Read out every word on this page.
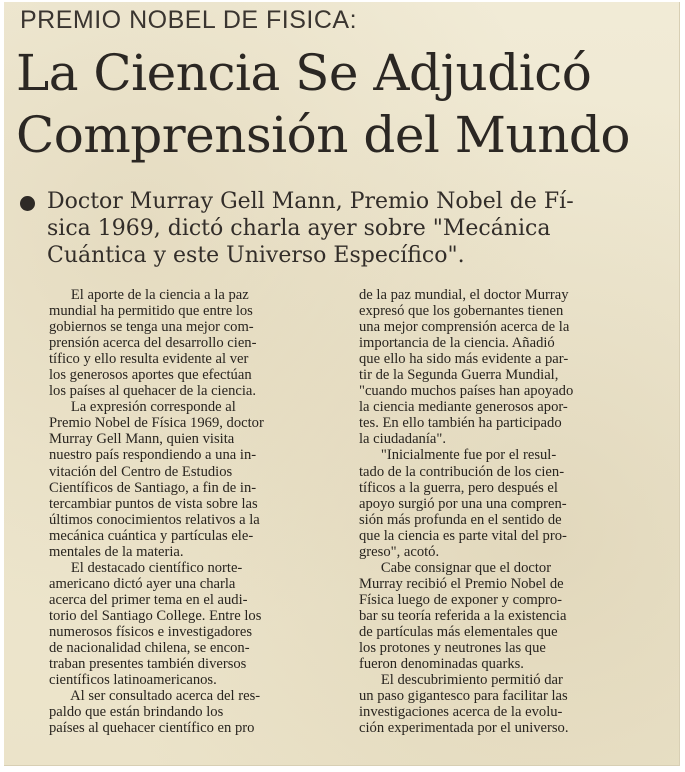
PREMIO NOBEL DE FISICA:
La Ciencia Se Adjudicó
Comprensión del Mundo
Doctor Murray Gell Mann, Premio Nobel de Fí-
sica 1969, dictó charla ayer sobre "Mecánica
Cuántica y este Universo Específico".
El aporte de la ciencia a la paz
mundial ha permitido que entre los
gobiernos se tenga una mejor com-
prensión acerca del desarrollo cien-
tífico y ello resulta evidente al ver
los generosos aportes que efectúan
los países al quehacer de la ciencia.
La expresión corresponde al
Premio Nobel de Física 1969, doctor
Murray Gell Mann, quien visita
nuestro país respondiendo a una in-
vitación del Centro de Estudios
Científicos de Santiago, a fin de in-
tercambiar puntos de vista sobre las
últimos conocimientos relativos a la
mecánica cuántica y partículas ele-
mentales de la materia.
El destacado científico norte-
americano dictó ayer una charla
acerca del primer tema en el audi-
torio del Santiago College. Entre los
numerosos físicos e investigadores
de nacionalidad chilena, se encon-
traban presentes también diversos
científicos latinoamericanos.
Al ser consultado acerca del res-
paldo que están brindando los
países al quehacer científico en pro
de la paz mundial, el doctor Murray
expresó que los gobernantes tienen
una mejor comprensión acerca de la
importancia de la ciencia. Añadió
que ello ha sido más evidente a par-
tir de la Segunda Guerra Mundial,
"cuando muchos países han apoyado
la ciencia mediante generosos apor-
tes. En ello también ha participado
la ciudadanía".
"Inicialmente fue por el resul-
tado de la contribución de los cien-
tíficos a la guerra, pero después el
apoyo surgió por una una compren-
sión más profunda en el sentido de
que la ciencia es parte vital del pro-
greso", acotó.
Cabe consignar que el doctor
Murray recibió el Premio Nobel de
Física luego de exponer y compro-
bar su teoría referida a la existencia
de partículas más elementales que
los protones y neutrones las que
fueron denominadas quarks.
El descubrimiento permitió dar
un paso gigantesco para facilitar las
investigaciones acerca de la evolu-
ción experimentada por el universo.
